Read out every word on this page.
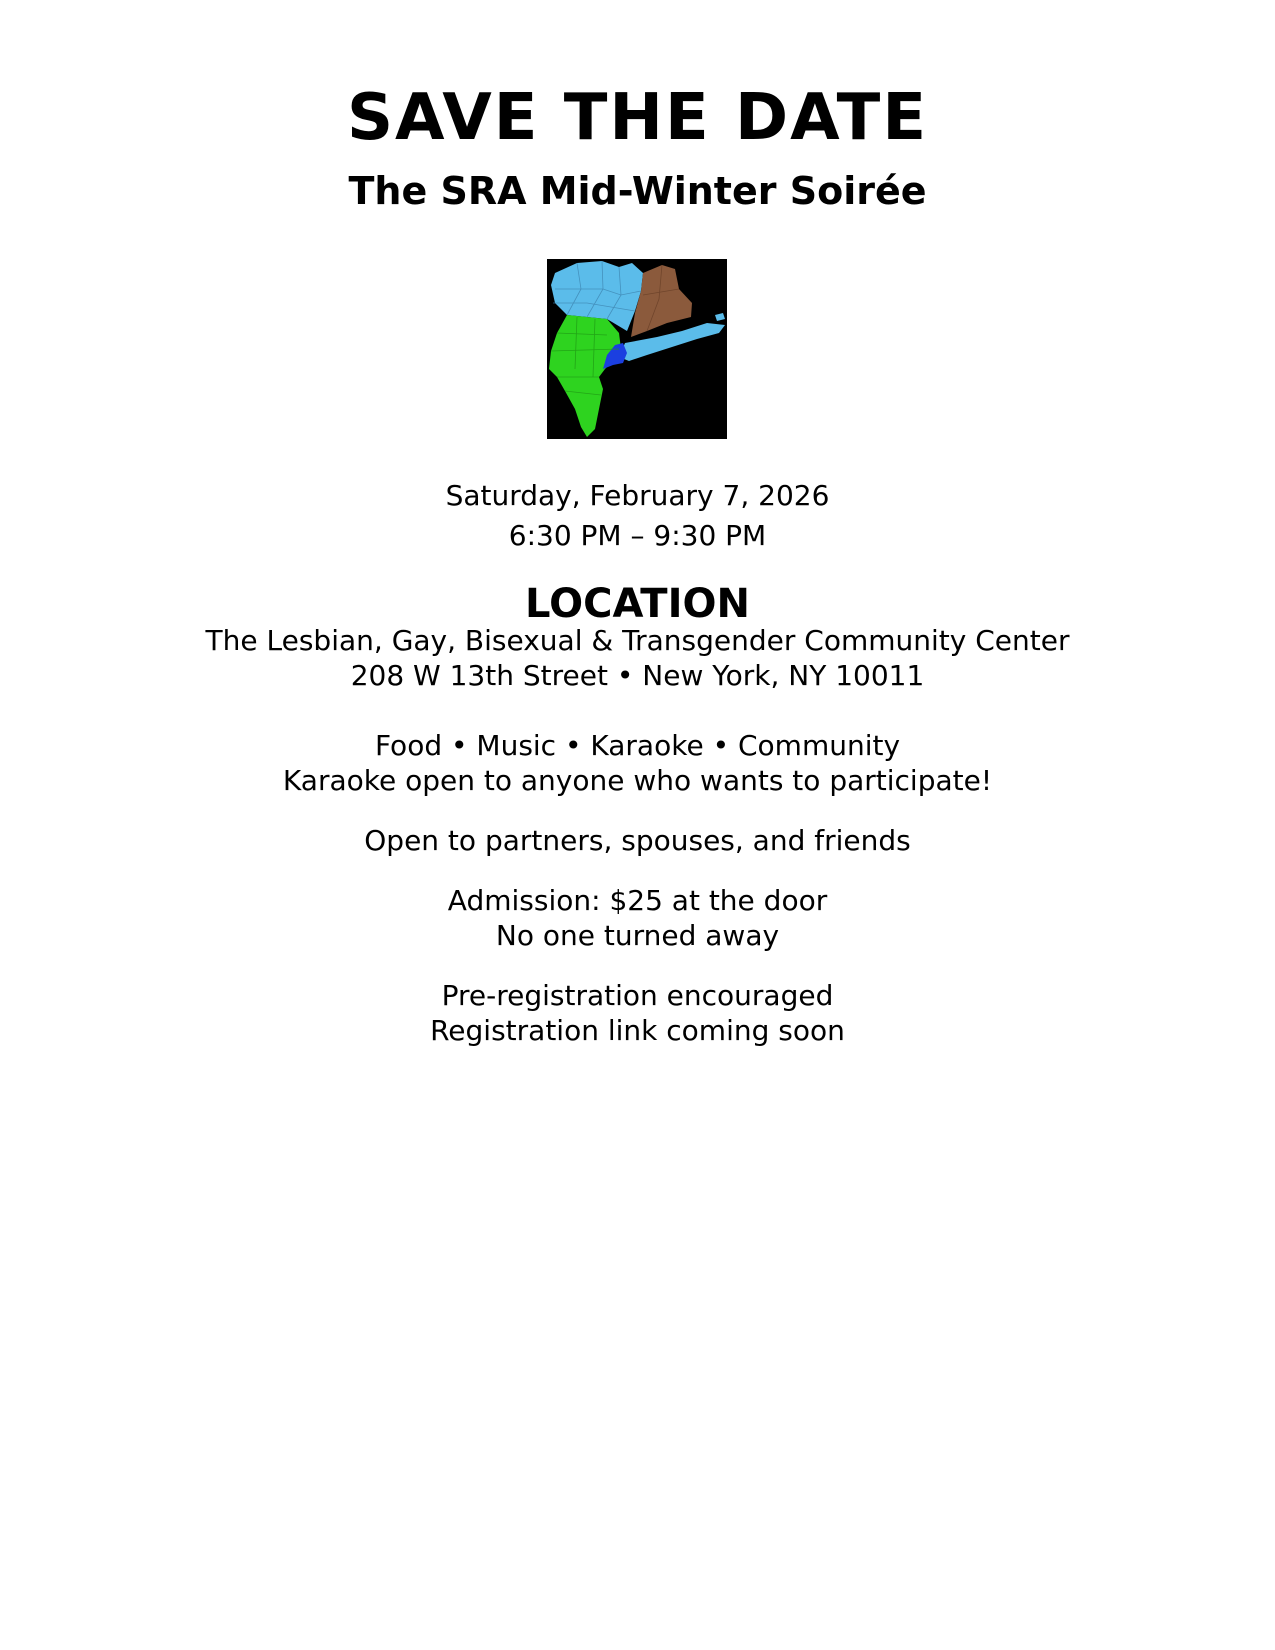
SAVE THE DATE
The SRA Mid-Winter Soirée
Saturday, February 7, 2026
6:30 PM – 9:30 PM
LOCATION
The Lesbian, Gay, Bisexual & Transgender Community Center
208 W 13th Street • New York, NY 10011
Food • Music • Karaoke • Community
Karaoke open to anyone who wants to participate!
Open to partners, spouses, and friends
Admission: $25 at the door
No one turned away
Pre-registration encouraged
Registration link coming soon
